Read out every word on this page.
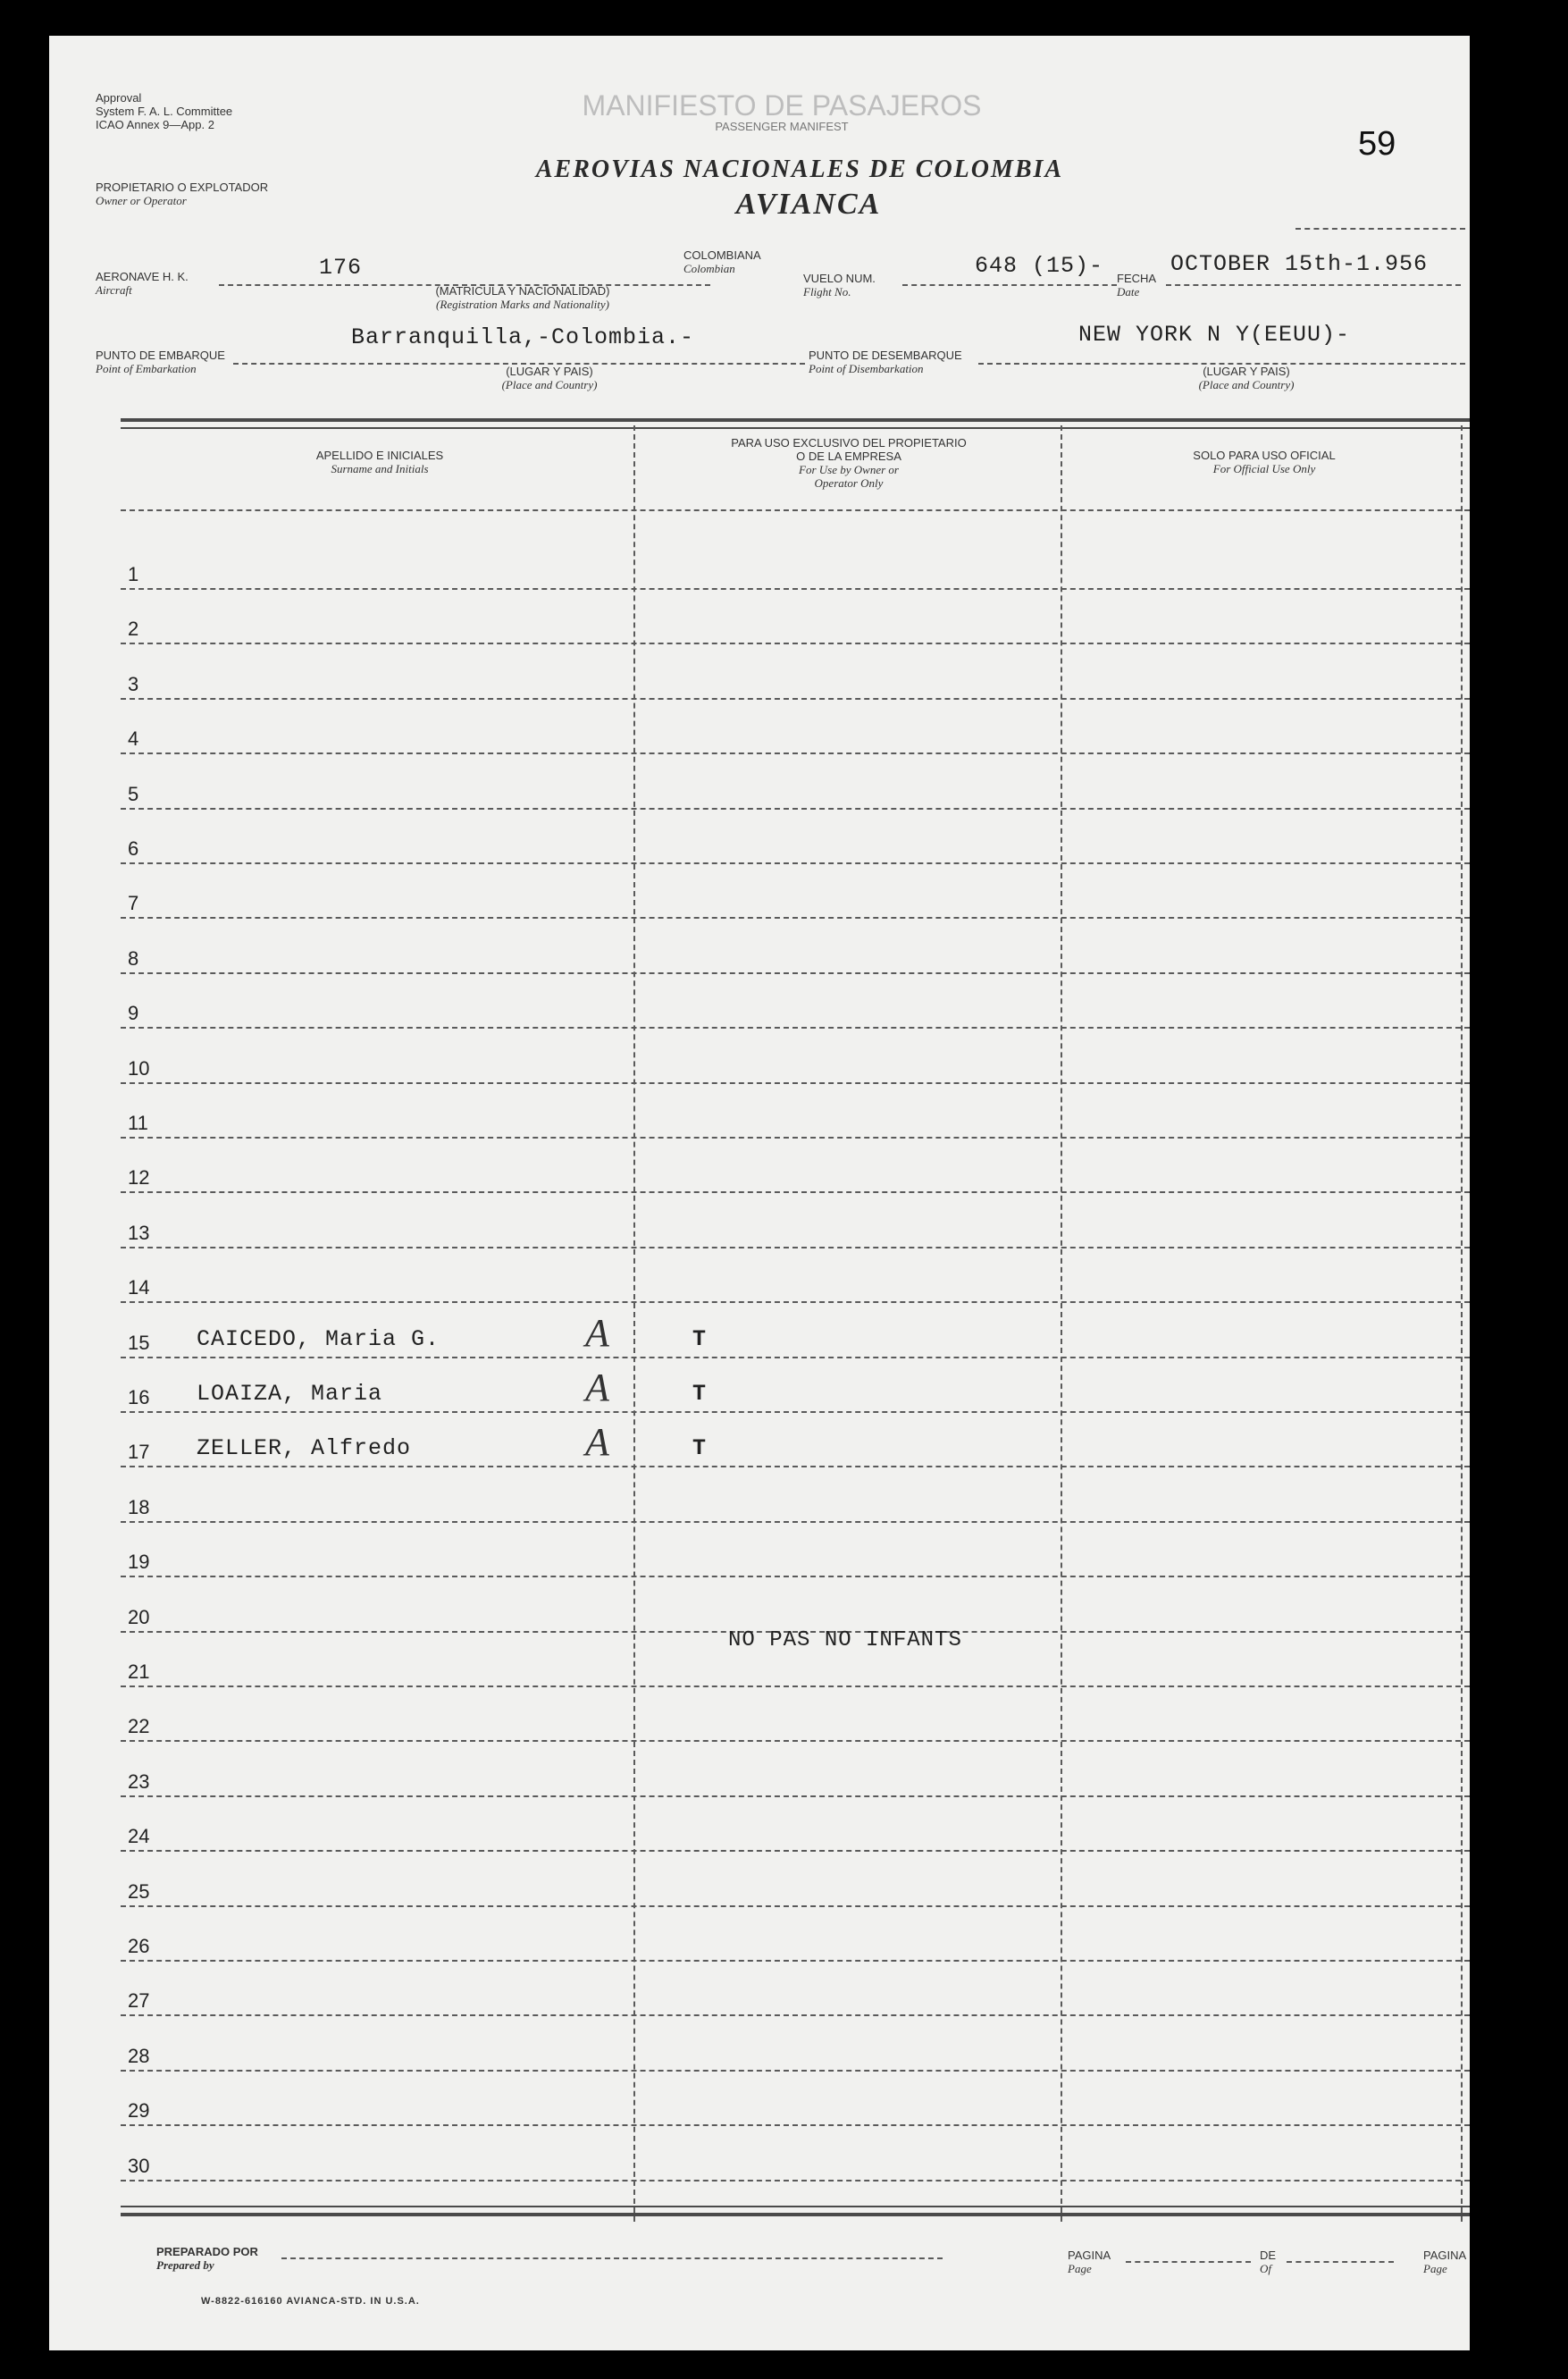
Approval
System F. A. L. Committee
ICAO Annex 9—App. 2
MANIFIESTO DE PASAJEROS
PASSENGER MANIFEST	59
AEROVIAS NACIONALES DE COLOMBIA
AVIANCA
PROPIETARIO O EXPLOTADOR
Owner or Operator
AERONAVE H. K.
Aircraft
176
(MATRICULA Y NACIONALIDAD)
(Registration Marks and Nationality)
COLOMBIANA
Colombian
VUELO NUM.
Flight No.
648 (15)- FECHA
Date
OCTOBER 15th-1.956
PUNTO DE EMBARQUE
Point of Embarkation
Barranquilla,-Colombia.-
(LUGAR Y PAIS)
(Place and Country)
PUNTO DE DESEMBARQUE
Point of Disembarkation
NEW YORK N Y(EEUU)-
(LUGAR Y PAIS)
(Place and Country)
APELLIDO E INICIALES
Surname and Initials
PARA USO EXCLUSIVO DEL PROPIETARIO
O DE LA EMPRESA
For Use by Owner or
Operator Only
SOLO PARA USO OFICIAL
For Official Use Only
1
2
3
4
5
6
7
8
9
10
11
12
13
14
15 CAICEDO, Maria G.	A	T
16 LOAIZA, Maria	A	T
17 ZELLER, Alfredo	A	T
18
19
20
21
22
23
24
25
26
27
28
29
30
NO PAS NO INFANTS
PREPARADO POR
Prepared by
W-8822-616160 AVIANCA-STD. IN U.S.A.
PAGINA
Page
DE
Of
PAGINA
Page
